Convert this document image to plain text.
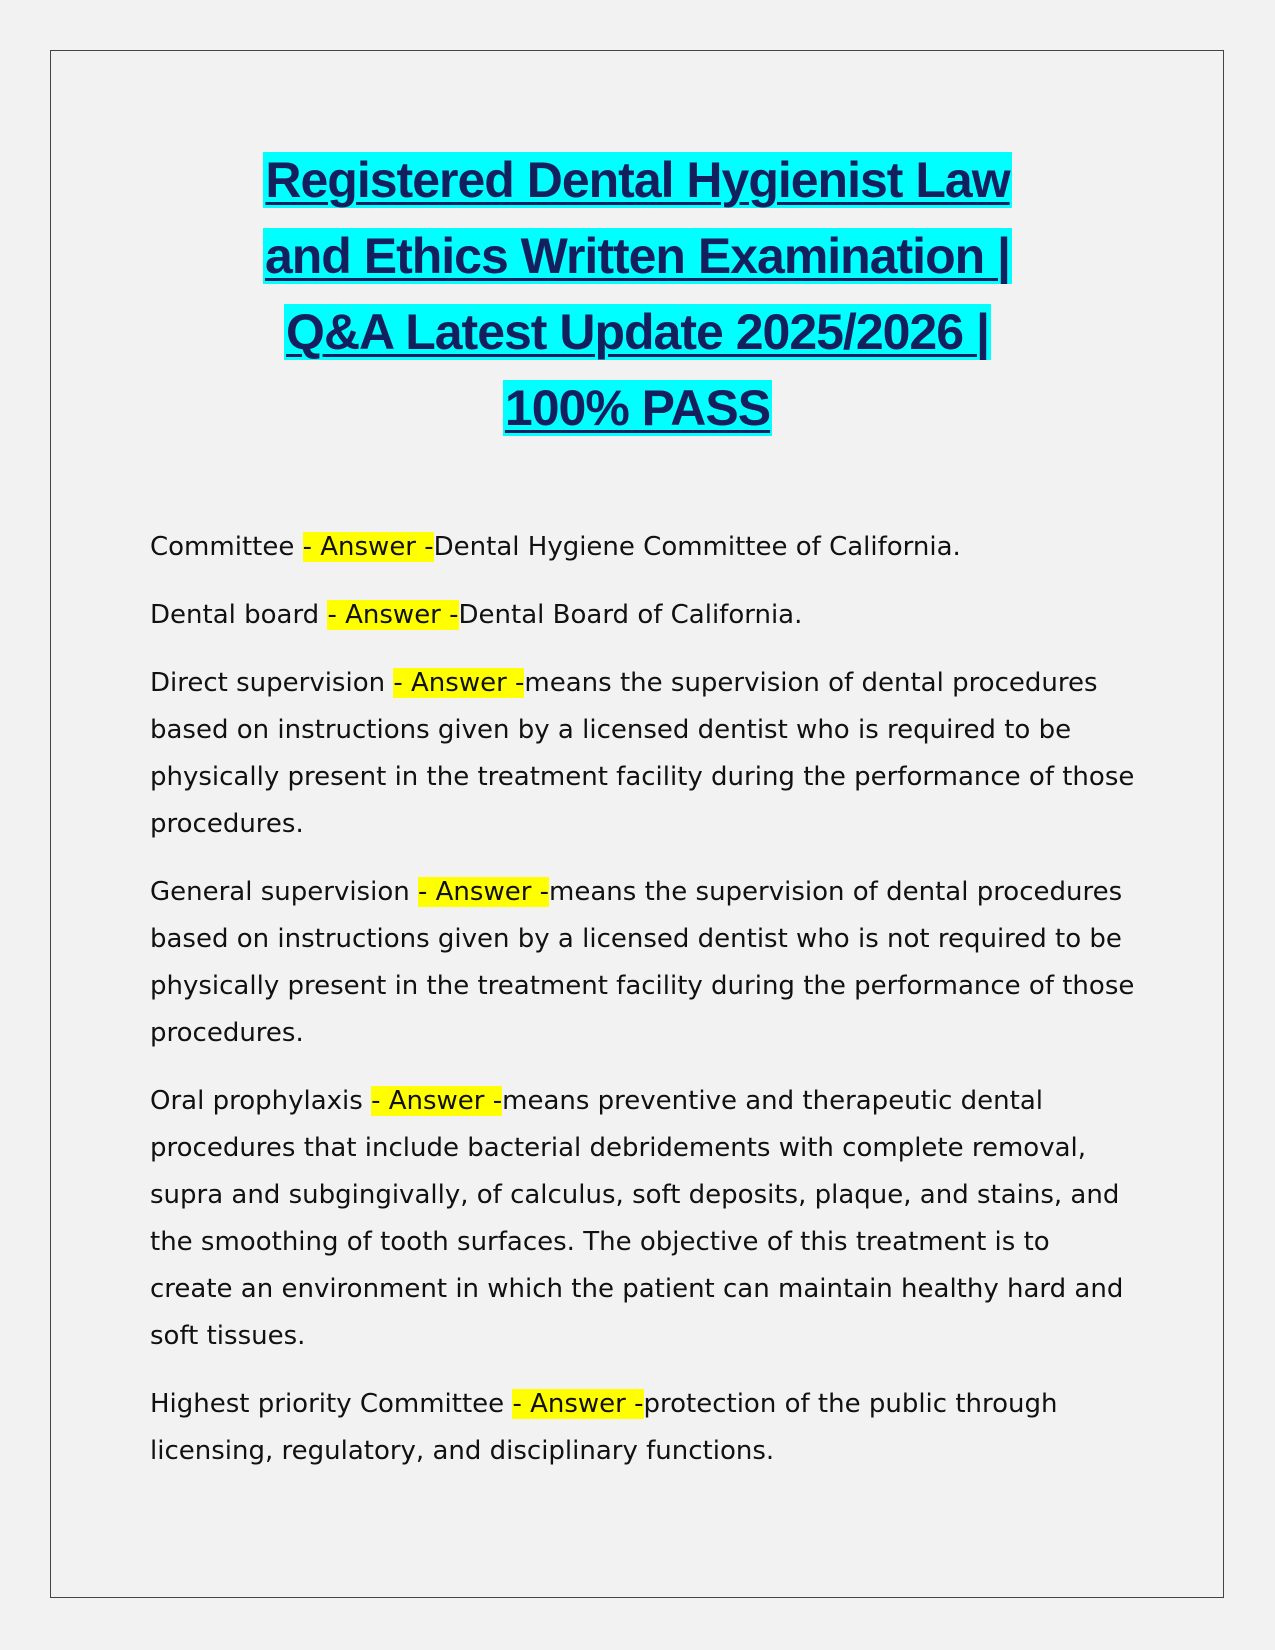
Registered Dental Hygienist Law
and Ethics Written Examination |
Q&A Latest Update 2025/2026 |
100% PASS

Committee - Answer -Dental Hygiene Committee of California.

Dental board - Answer -Dental Board of California.

Direct supervision - Answer -means the supervision of dental procedures based on instructions given by a licensed dentist who is required to be physically present in the treatment facility during the performance of those procedures.

General supervision - Answer -means the supervision of dental procedures based on instructions given by a licensed dentist who is not required to be physically present in the treatment facility during the performance of those procedures.

Oral prophylaxis - Answer -means preventive and therapeutic dental procedures that include bacterial debridements with complete removal, supra and subgingivally, of calculus, soft deposits, plaque, and stains, and the smoothing of tooth surfaces. The objective of this treatment is to create an environment in which the patient can maintain healthy hard and soft tissues.

Highest priority Committee - Answer -protection of the public through licensing, regulatory, and disciplinary functions.
